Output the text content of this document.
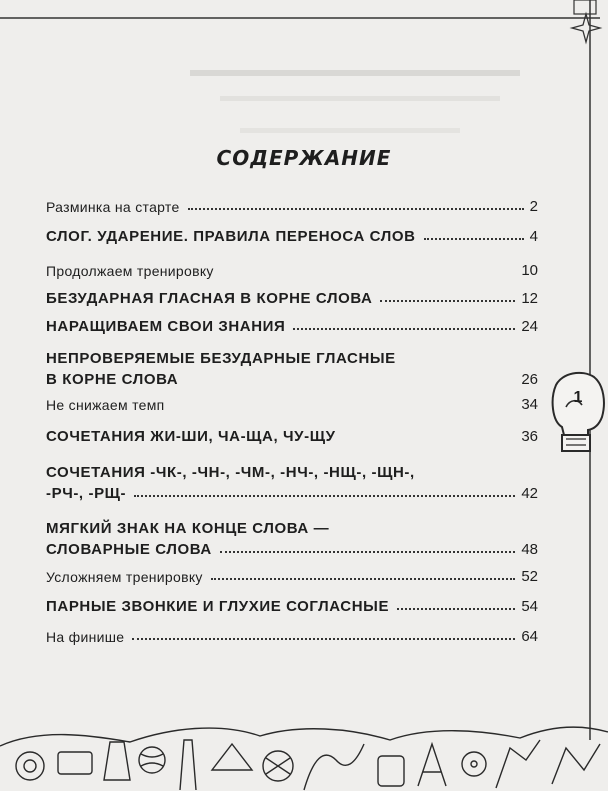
СОДЕРЖАНИЕ
Разминка на старте	2
СЛОГ. УДАРЕНИЕ. ПРАВИЛА ПЕРЕНОСА СЛОВ	4
Продолжаем тренировку	10
БЕЗУДАРНАЯ ГЛАСНАЯ В КОРНЕ СЛОВА	12
НАРАЩИВАЕМ СВОИ ЗНАНИЯ	24
НЕПРОВЕРЯЕМЫЕ БЕЗУДАРНЫЕ ГЛАСНЫЕ
В КОРНЕ СЛОВА	26
Не снижаем темп	34
СОЧЕТАНИЯ ЖИ-ШИ, ЧА-ЩА, ЧУ-ЩУ	36
СОЧЕТАНИЯ -ЧК-, -ЧН-, -ЧМ-, -НЧ-, -НЩ-, -ЩН-,
-РЧ-, -РЩ-	42
МЯГКИЙ ЗНАК НА КОНЦЕ СЛОВА —
СЛОВАРНЫЕ СЛОВА	48
Усложняем тренировку	52
ПАРНЫЕ ЗВОНКИЕ И ГЛУХИЕ СОГЛАСНЫЕ	54
На финише	64
1
